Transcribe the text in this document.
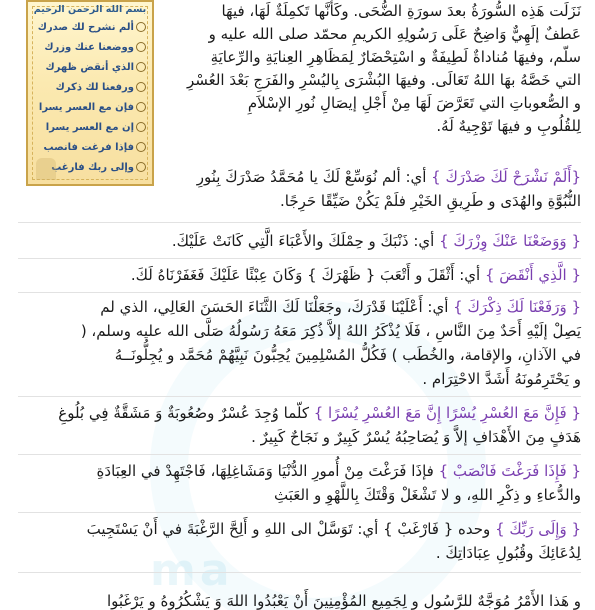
ma
بسم الله الرحمن الرحيم
ألم نشرح لك صدرك
ووضعنا عنك وزرك
الذي أنقض ظهرك
ورفعنا لك ذكرك
فإن مع العسر يسرا
إن مع العسر يسرا
فإذا فرغت فانصب
وإلى ربك فارغب
نَزَلَت هَذِه السُّورَةُ بعدَ سورَةِ الضُّحَى. وكَأنَّها تَكمِلَةٌ لَهَا، فيهَا
عَطفٌ إلَهِيٌّ وَاضِحٌ عَلَى رَسُولِهِ الكريمِ محمّد صلى الله عليه و
سلّم، وفيهَا مُناداةٌ لَطِيفَةٌ و اسْتِحْضَارٌ لِمَظَاهِرِ العِنايَةِ والرِّعايَةِ
التي خَصَّهُ بهَا اللهُ تَعَالَى. وفيهَا البُشْرَى بِاليُسْرِ والفَرَجِ بَعْدَ العُسْرِ
و الصُّعوباتِ التي تَعَرَّضَ لَهَا مِنْ أَجْلِ إيصَالِ نُورِ الإسْلاَمِ
لِلقُلُوبِ و فيهَا تَوْجِيهٌ لَهُ.
{أَلَمْ نَشْرَحْ لَكَ صَدْرَكَ } أي: ألم نُوَسِّعْ لَكَ يا مُحَمَّدُ صَدْرَكَ بِنُورِ
النُّبُوَّةِ والهُدَى و طَرِيقِ الخَيْرِ فلَمْ يَكُنْ ضَيِّقًا حَرِجًا.
{ وَوَضَعْنَا عَنْكَ وِزْرَكَ } أي: ذَنْبَكَ و حِمْلَكَ والأَعْبَاءَ الَّتِي كَانَتْ عَلَيْكَ.
{ الَّذِي أَنْقَضَ } أي: أَثْقَلَ و أَتْعَبَ { ظَهْرَكَ } وَكَانَ عِبْئًا عَلَيْكَ فَغَفَرْنَاهُ لَكَ.
{ وَرَفَعْنَا لَكَ ذِكْرَكَ } أي: أَعْلَيْنَا قَدْرَكَ، وجَعَلْنَا لَكَ الثَّنَاءَ الحَسَنَ العَالِي، الذي لم
يَصِلْ إلَيْهِ أَحَدٌ مِنَ النَّاسِ ، فَلَا يُذْكَرُ اللهُ إلاَّ ذُكِرَ مَعَهُ رَسُولُهُ صَلَّى الله عليه وسلم، (
في الآذانِ، والإقامة، والخُطَب ) فَكُلُّ المُسْلِمِينَ يُحِبُّونَ نَبِيَّهُمْ مُحَمَّد و يُجِلُّونَــهُ
و يَحْتَرِمُونَهُ أَشَدَّ الاحْتِرَام .
{ فَإِنَّ مَعَ العُسْرِ يُسْرًا إِنَّ مَعَ العُسْرِ يُسْرًا } كلّما وُجِدَ عُسْرٌ وصُعُوبَةٌ وَ مَشَقَّةٌ فِي بُلُوغِ
هَدَفٍ مِنَ الأَهْدَافِ إلاَّ وَ يُصَاحِبُهُ يُسْرٌ كَبِيرٌ و نَجَاحٌ كَبِيرٌ .
{ فَإِذَا فَرَغْتَ فَانْصَبْ } فإذَا فَرَغْتَ مِنْ أُمورِ الدُّنْيَا وَمَشَاغِلِهَا، فَاجْتَهِدْ في العِبَادَةِ
والدُّعاءِ و ذِكْرِ اللهِ، و لا تَشْغَلْ وَقْتَكَ بِاللَّهْوِ و العَبَثِ
{ وَإِلَى رَبِّكَ } وحده { فَارْغَبْ } أي: تَوَسَّلْ الى اللهِ و أَلِحَّ الرَّغْبَةَ في أَنْ يَسْتَجِيبَ
لِدُعَائِكَ وقُبُولِ عِبَادَاتِكَ .
و هَذا الأَمْرُ مُوَجَّهٌ للرَّسُولِ و لِجَمِيعِ المُؤْمِنِينَ أَنْ يَعْبُدُوا اللهَ وَ يَشْكُرُوهُ و يَرْغَبُوا
